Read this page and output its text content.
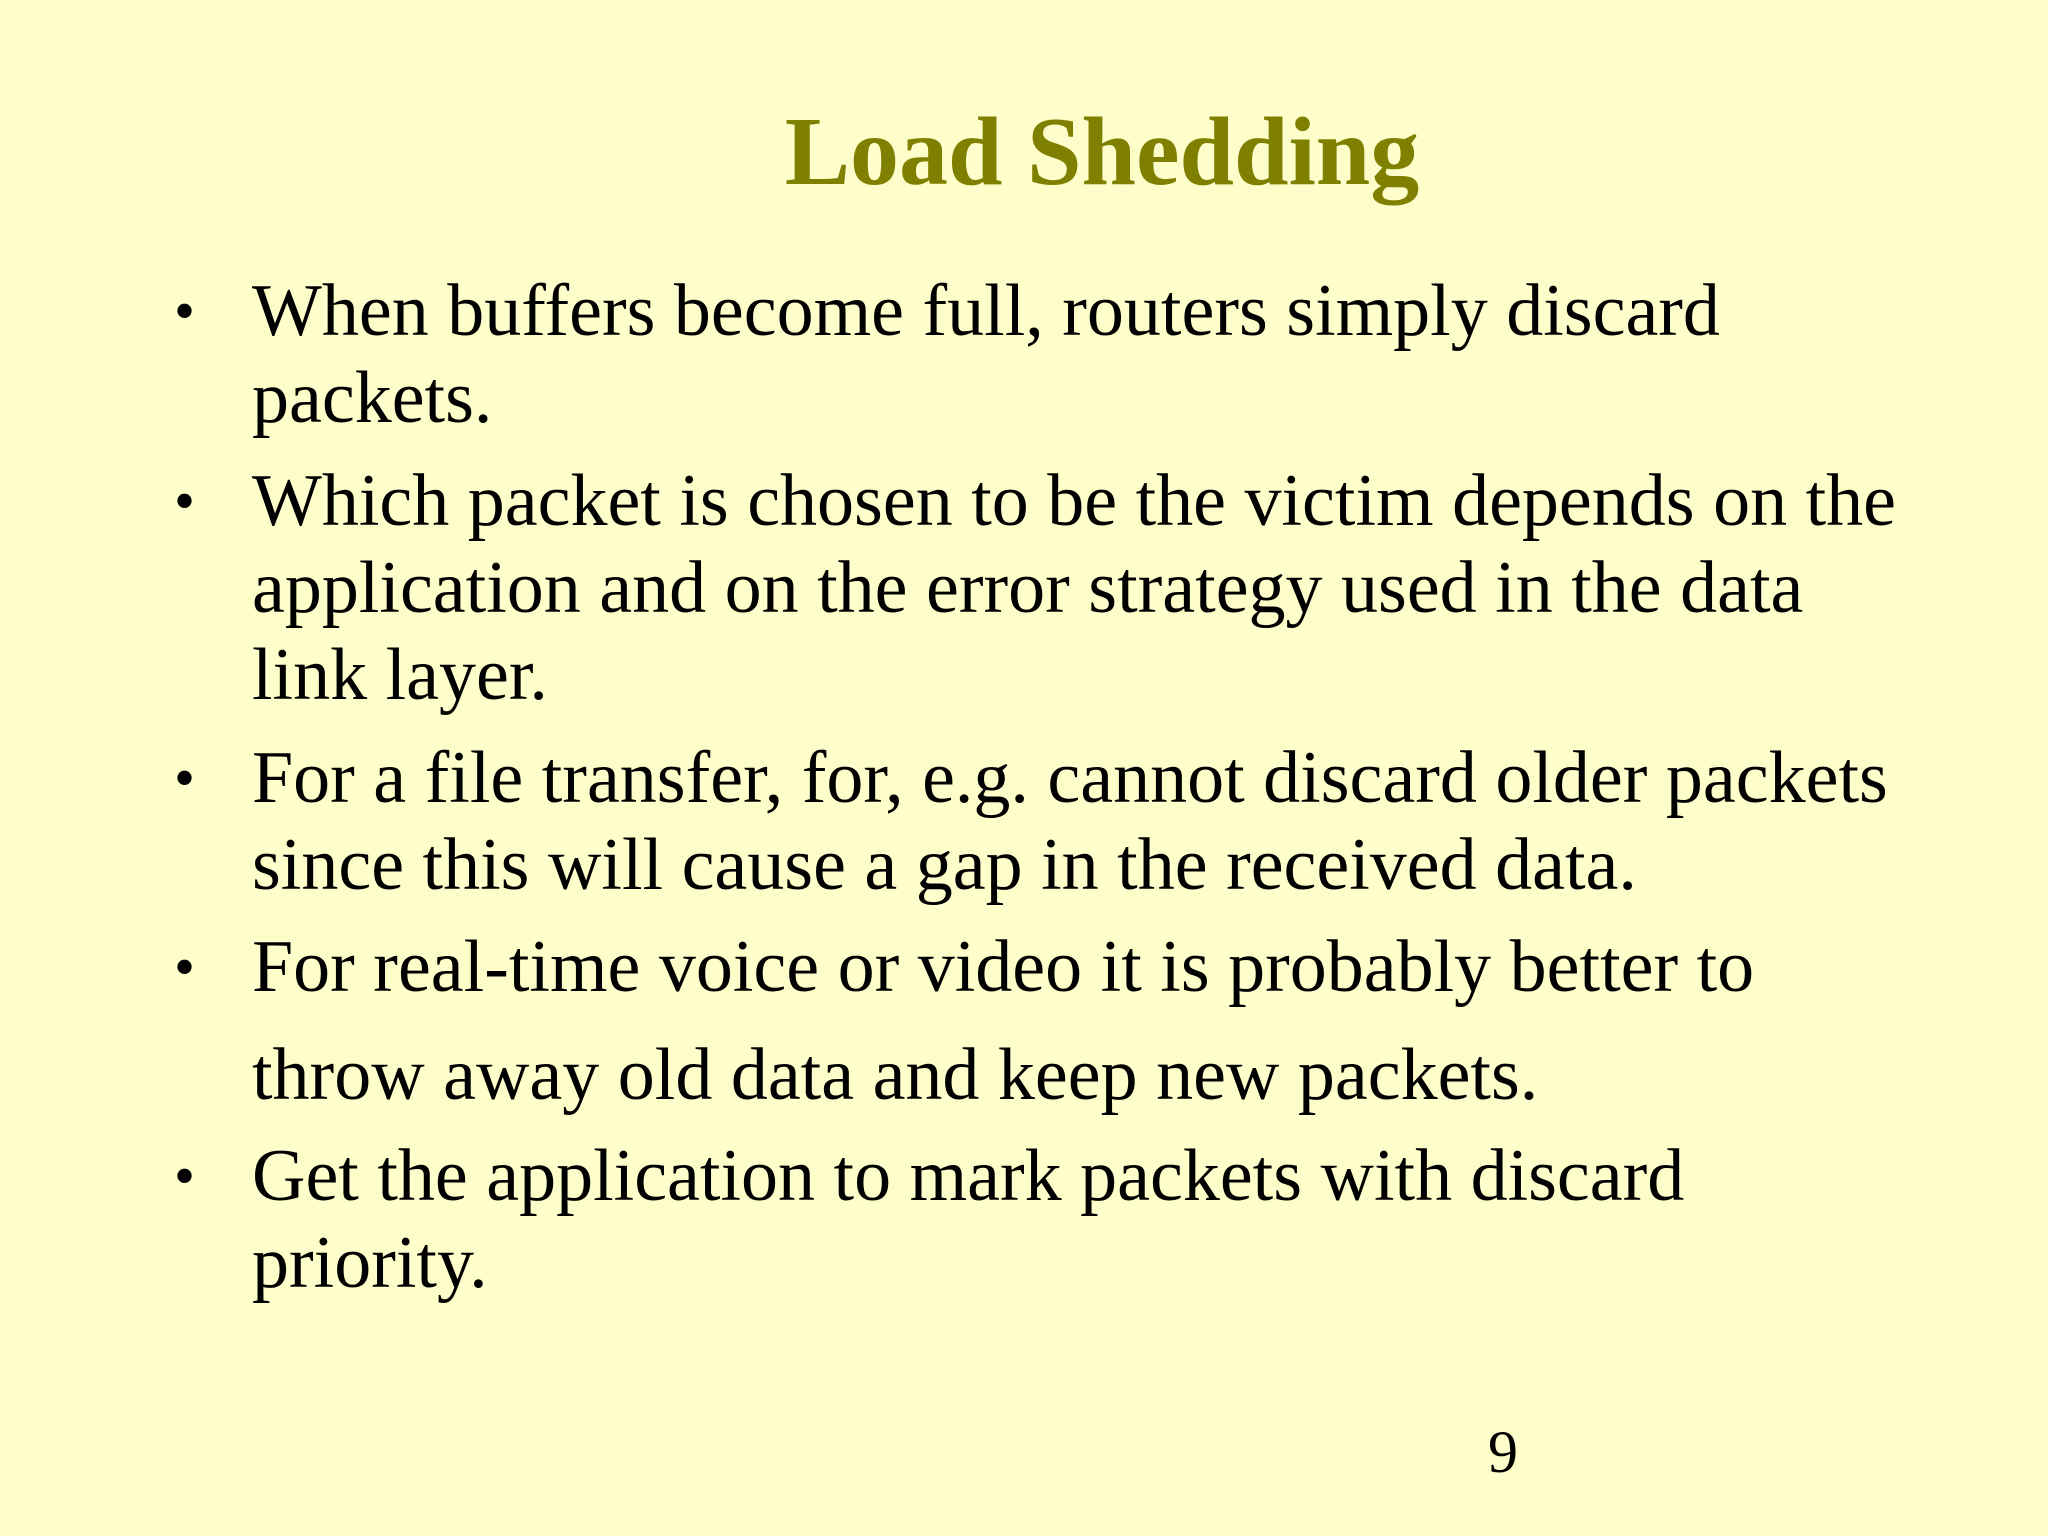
Load Shedding
• When buffers become full, routers simply discard packets.
• Which packet is chosen to be the victim depends on the application and on the error strategy used in the data link layer.
• For a file transfer, for, e.g. cannot discard older packets since this will cause a gap in the received data.
• For real-time voice or video it is probably better to throw away old data and keep new packets.
• Get the application to mark packets with discard priority.
9
